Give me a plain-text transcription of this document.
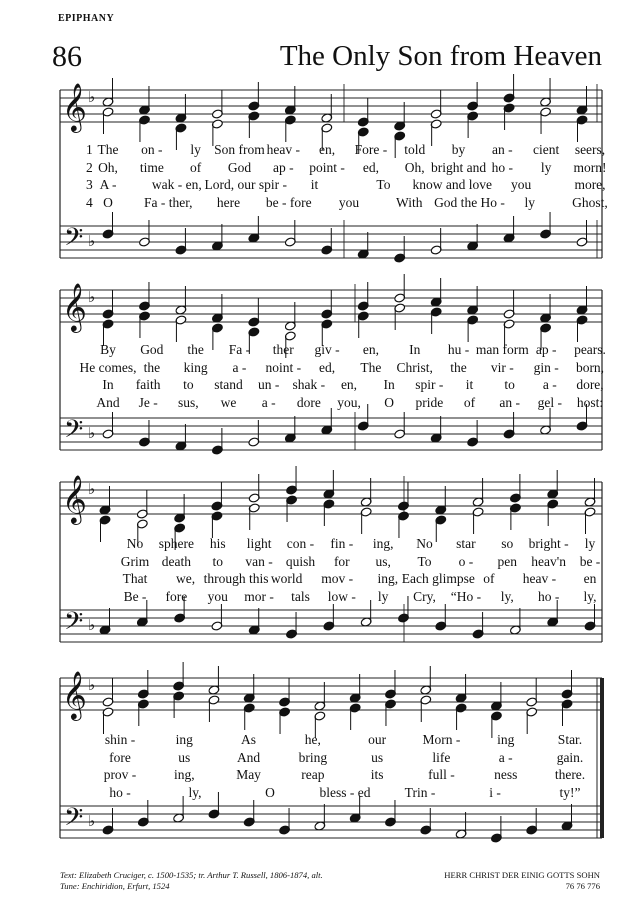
EPIPHANY
86	The Only Son from Heaven
𝄞
𝄢
♭
♭
𝄞
𝄢
♭
♭
𝄞
𝄢
♭
♭
𝄞
𝄢
♭
♭
1 The on - ly Son from heav - en, Fore - told by an - cient seers,
2 Oh, time of God ap - point - ed, Oh, bright and ho - ly morn!
3 A -	wak - en, Lord, our spir - it	To know and love you	more,
4 O Fa - ther, here be - fore you	With God the Ho - ly	Ghost,
By God the Fa - ther giv - en, In hu - man form ap - pears.
He comes, the king a - noint - ed, The Christ, the vir - gin - born,
In faith to stand un - shak - en, In spir - it to a - dore,
And Je - sus, we a - dore you, O pride of an - gel - host:
No sphere his light con - fin - ing, No star so bright - ly
Grim death to van - quish for us, To o - pen heav'n be -
That we, through this world mov - ing, Each glimpse of heav - en
Be - fore you mor - tals low - ly Cry, “Ho - ly, ho - ly,
shin -	ing	As	he,	our	Morn -	ing	Star.
fore	us	And	bring	us	life	a -	gain.
prov -	ing,	May	reap	its	full -	ness	there.
ho -	ly,	O	bless - ed	Trin -	i -	ty!”
Text: Elizabeth Cruciger, c. 1500-1535; tr. Arthur T. Russell, 1806-1874, alt.
Tune: Enchiridion, Erfurt, 1524
HERR CHRIST DER EINIG GOTTS SOHN
76 76 776
